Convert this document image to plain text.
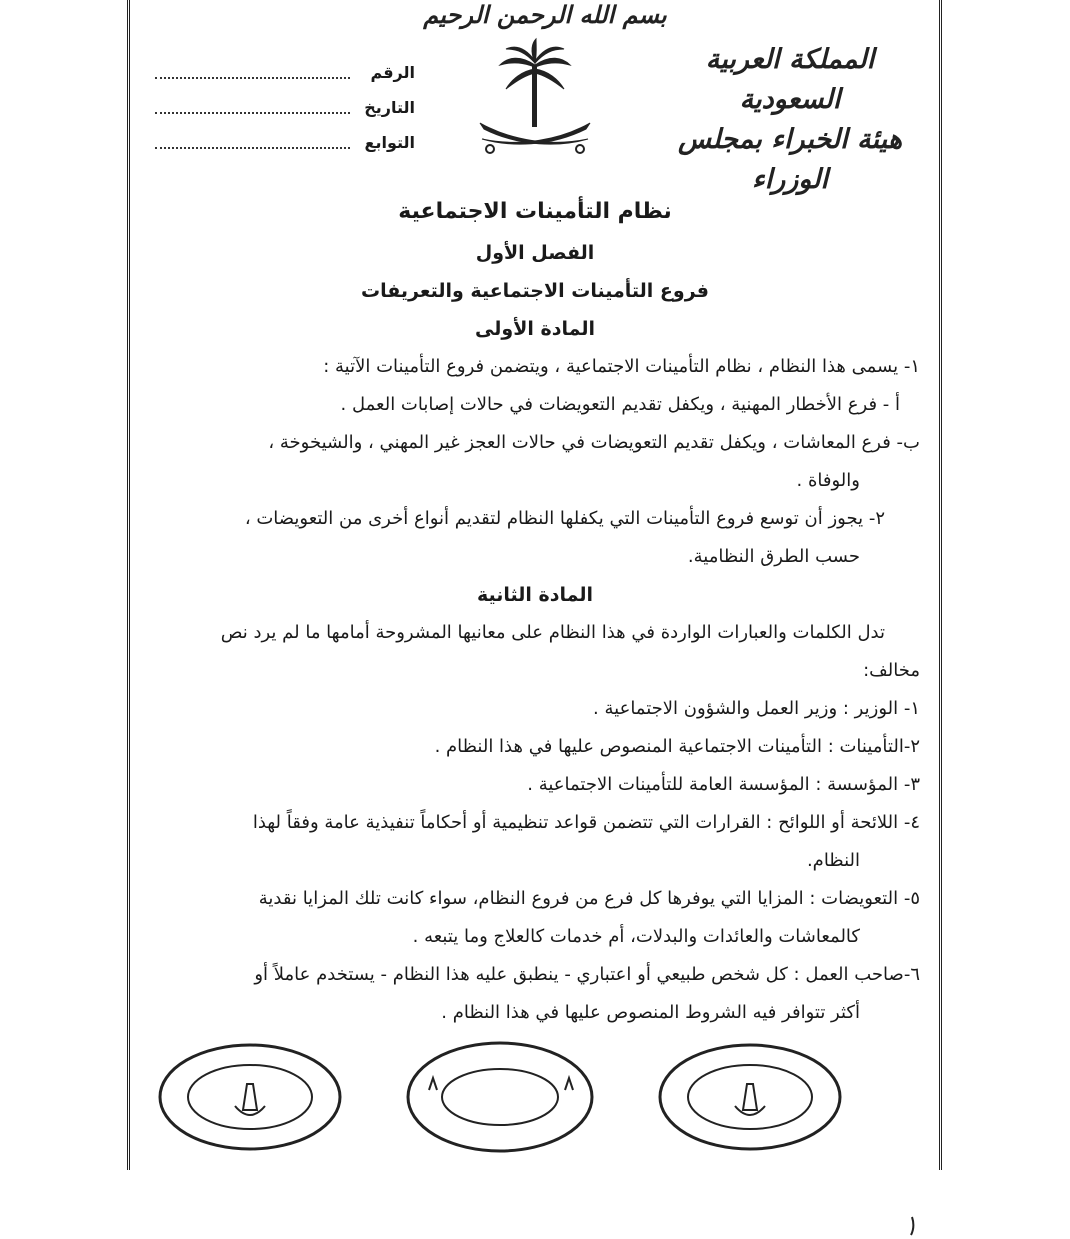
بسم الله الرحمن الرحيم
المملكة العربية السعودية
هيئة الخبراء بمجلس الوزراء
الرقم
التاريخ
التوابع
نظام التأمينات الاجتماعية
الفصل الأول
فروع التأمينات الاجتماعية والتعريفات
المادة الأولى

١- يسمى هذا النظام ، نظام التأمينات الاجتماعية ، ويتضمن فروع التأمينات الآتية :

أ - فرع الأخطار المهنية ، ويكفل تقديم التعويضات في حالات إصابات العمل .

ب- فرع المعاشات ، ويكفل تقديم التعويضات في حالات العجز غير المهني ، والشيخوخة ،

والوفاة .

٢- يجوز أن توسع فروع التأمينات التي يكفلها النظام لتقديم أنواع أخرى من التعويضات ،

حسب الطرق النظامية.

المادة الثانية

تدل الكلمات والعبارات الواردة في هذا النظام على معانيها المشروحة أمامها ما لم يرد نص

مخالف:

١- الوزير : وزير العمل والشؤون الاجتماعية .

٢-التأمينات : التأمينات الاجتماعية المنصوص عليها في هذا النظام .

٣- المؤسسة : المؤسسة العامة للتأمينات الاجتماعية .

٤- اللائحة أو اللوائح : القرارات التي تتضمن قواعد تنظيمية أو أحكاماً تنفيذية عامة وفقاً لهذا

النظام.

٥- التعويضات : المزايا التي يوفرها كل فرع من فروع النظام، سواء كانت تلك المزايا نقدية

كالمعاشات والعائدات والبدلات، أم خدمات كالعلاج وما يتبعه .

٦-صاحب العمل : كل شخص طبيعي أو اعتباري - ينطبق عليه هذا النظام - يستخدم عاملاً أو

أكثر تتوافر فيه الشروط المنصوص عليها في هذا النظام .
